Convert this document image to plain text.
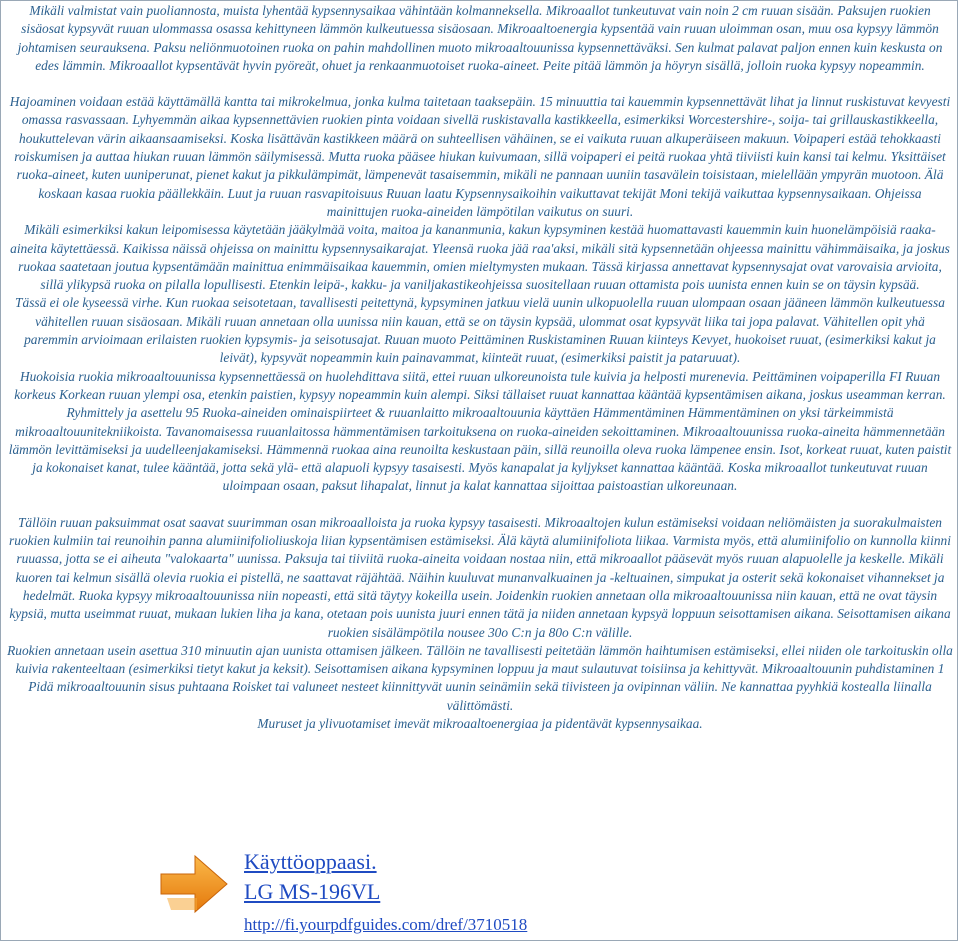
Mikäli valmistat vain puoliannosta, muista lyhentää kypsennysaikaa vähintään kolmanneksella. Mikroaallot tunkeutuvat vain noin 2 cm ruuan sisään. Paksujen ruokien sisäosat kypsyvät ruuan ulommassa osassa kehittyneen lämmön kulkeutuessa sisäosaan. Mikroaaltoenergia kypsentää vain ruuan uloimman osan, muu osa kypsyy lämmön johtamisen seurauksena. Paksu neliönmuotoinen ruoka on pahin mahdollinen muoto mikroaaltouunissa kypsennettäväksi. Sen kulmat palavat paljon ennen kuin keskusta on edes lämmin. Mikroaallot kypsentävät hyvin pyöreät, ohuet ja renkaanmuotoiset ruoka-aineet. Peite pitää lämmön ja höyryn sisällä, jolloin ruoka kypsyy nopeammin.

Hajoaminen voidaan estää käyttämällä kantta tai mikrokelmua, jonka kulma taitetaan taaksepäin. 15 minuuttia tai kauemmin kypsennettävät lihat ja linnut ruskistuvat kevyesti omassa rasvassaan. Lyhyemmän aikaa kypsennettävien ruokien pinta voidaan sivellä ruskistavalla kastikkeella, esimerkiksi Worcestershire-, soija- tai grillauskastikkeella, houkuttelevan värin aikaansaamiseksi. Koska lisättävän kastikkeen määrä on suhteellisen vähäinen, se ei vaikuta ruuan alkuperäiseen makuun. Voipaperi estää tehokkaasti roiskumisen ja auttaa hiukan ruuan lämmön säilymisessä. Mutta ruoka pääsee hiukan kuivumaan, sillä voipaperi ei peitä ruokaa yhtä tiiviisti kuin kansi tai kelmu. Yksittäiset ruoka-aineet, kuten uuniperunat, pienet kakut ja pikkulämpimät, lämpenevät tasaisemmin, mikäli ne pannaan uuniin tasavälein toisistaan, mielellään ympyrän muotoon. Älä koskaan kasaa ruokia päällekkäin. Luut ja ruuan rasvapitoisuus Ruuan laatu Kypsennysaikoihin vaikuttavat tekijät Moni tekijä vaikuttaa kypsennysaikaan. Ohjeissa mainittujen ruoka-aineiden lämpötilan vaikutus on suuri.

Mikäli esimerkiksi kakun leipomisessa käytetään jääkylmää voita, maitoa ja kananmunia, kakun kypsyminen kestää huomattavasti kauemmin kuin huonelämpöisiä raaka-aineita käytettäessä. Kaikissa näissä ohjeissa on mainittu kypsennysaikarajat. Yleensä ruoka jää raa'aksi, mikäli sitä kypsennetään ohjeessa mainittu vähimmäisaika, ja joskus ruokaa saatetaan joutua kypsentämään mainittua enimmäisaikaa kauemmin, omien mieltymysten mukaan. Tässä kirjassa annettavat kypsennysajat ovat varovaisia arvioita, sillä ylikypsä ruoka on pilalla lopullisesti. Etenkin leipä-, kakku- ja vaniljakastikeohjeissa suositellaan ruuan ottamista pois uunista ennen kuin se on täysin kypsää.

Tässä ei ole kyseessä virhe. Kun ruokaa seisotetaan, tavallisesti peitettynä, kypsyminen jatkuu vielä uunin ulkopuolella ruuan ulompaan osaan jääneen lämmön kulkeutuessa vähitellen ruuan sisäosaan. Mikäli ruuan annetaan olla uunissa niin kauan, että se on täysin kypsää, ulommat osat kypsyvät liika tai jopa palavat. Vähitellen opit yhä paremmin arvioimaan erilaisten ruokien kypsymis- ja seisotusajat. Ruuan muoto Peittäminen Ruskistaminen Ruuan kiinteys Kevyet, huokoiset ruuat, (esimerkiksi kakut ja leivät), kypsyvät nopeammin kuin painavammat, kiinteät ruuat, (esimerkiksi paistit ja pataruuat).

Huokoisia ruokia mikroaaltouunissa kypsennettäessä on huolehdittava siitä, ettei ruuan ulkoreunoista tule kuivia ja helposti murenevia. Peittäminen voipaperilla FI Ruuan korkeus Korkean ruuan ylempi osa, etenkin paistien, kypsyy nopeammin kuin alempi. Siksi tällaiset ruuat kannattaa kääntää kypsentämisen aikana, joskus useamman kerran. Ryhmittely ja asettelu 95 Ruoka-aineiden ominaispiirteet & ruuanlaitto mikroaaltouunia käyttäen Hämmentäminen Hämmentäminen on yksi tärkeimmistä mikroaaltouunitekniikoista. Tavanomaisessa ruuanlaitossa hämmentämisen tarkoituksena on ruoka-aineiden sekoittaminen. Mikroaaltouunissa ruoka-aineita hämmennetään lämmön levittämiseksi ja uudelleenjakamiseksi. Hämmennä ruokaa aina reunoilta keskustaan päin, sillä reunoilla oleva ruoka lämpenee ensin. Isot, korkeat ruuat, kuten paistit ja kokonaiset kanat, tulee kääntää, jotta sekä ylä- että alapuoli kypsyy tasaisesti. Myös kanapalat ja kyljykset kannattaa kääntää. Koska mikroaallot tunkeutuvat ruuan uloimpaan osaan, paksut lihapalat, linnut ja kalat kannattaa sijoittaa paistoastian ulkoreunaan.

Tällöin ruuan paksuimmat osat saavat suurimman osan mikroaalloista ja ruoka kypsyy tasaisesti. Mikroaaltojen kulun estämiseksi voidaan neliömäisten ja suorakulmaisten ruokien kulmiin tai reunoihin panna alumiinifolioliuskoja liian kypsentämisen estämiseksi. Älä käytä alumiinifoliota liikaa. Varmista myös, että alumiinifolio on kunnolla kiinni ruuassa, jotta se ei aiheuta "valokaarta" uunissa. Paksuja tai tiiviitä ruoka-aineita voidaan nostaa niin, että mikroaallot pääsevät myös ruuan alapuolelle ja keskelle. Mikäli kuoren tai kelmun sisällä olevia ruokia ei pistellä, ne saattavat räjähtää. Näihin kuuluvat munanvalkuainen ja -keltuainen, simpukat ja osterit sekä kokonaiset vihannekset ja hedelmät. Ruoka kypsyy mikroaaltouunissa niin nopeasti, että sitä täytyy kokeilla usein. Joidenkin ruokien annetaan olla mikroaaltouunissa niin kauan, että ne ovat täysin kypsiä, mutta useimmat ruuat, mukaan lukien liha ja kana, otetaan pois uunista juuri ennen tätä ja niiden annetaan kypsyä loppuun seisottamisen aikana. Seisottamisen aikana ruokien sisälämpötila nousee 30o C:n ja 80o C:n välille.

Ruokien annetaan usein asettua 310 minuutin ajan uunista ottamisen jälkeen. Tällöin ne tavallisesti peitetään lämmön haihtumisen estämiseksi, ellei niiden ole tarkoituskin olla kuivia rakenteeltaan (esimerkiksi tietyt kakut ja keksit). Seisottamisen aikana kypsyminen loppuu ja maut sulautuvat toisiinsa ja kehittyvät. Mikroaaltouunin puhdistaminen 1 Pidä mikroaaltouunin sisus puhtaana Roisket tai valuneet nesteet kiinnittyvät uunin seinämiin sekä tiivisteen ja ovipinnan väliin. Ne kannattaa pyyhkiä kostealla liinalla välittömästi.

Muruset ja ylivuotamiset imevät mikroaaltoenergiaa ja pidentävät kypsennysaikaa.

Käyttöoppaasi.
LG MS-196VL
http://fi.yourpdfguides.com/dref/3710518
